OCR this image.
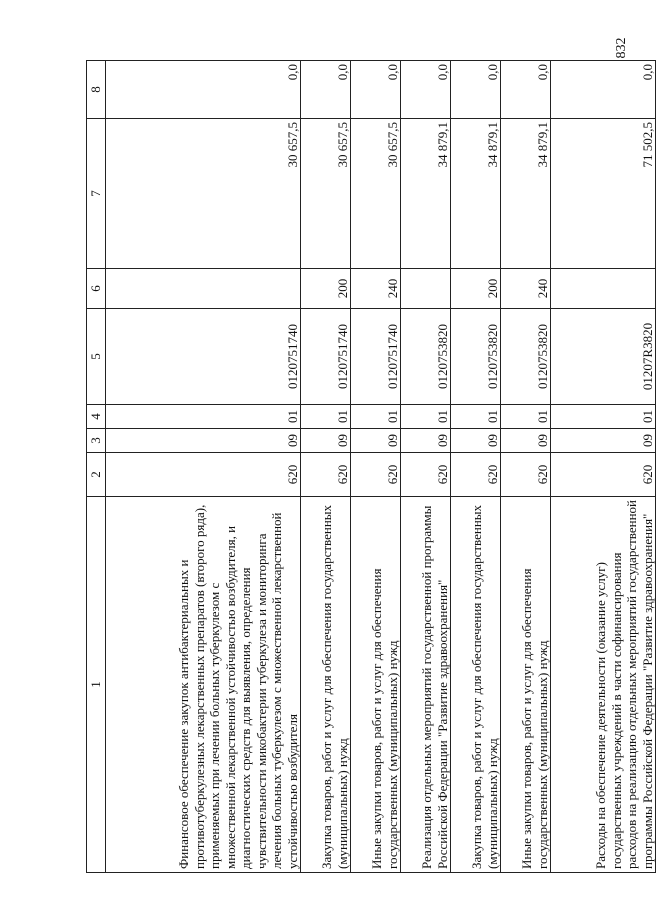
832
1	2	3	4	5	6	7	8
Финансовое обеспечение закупок антибактериальных и противотуберкулезных лекарственных препаратов (второго ряда), применяемых при лечении больных туберкулезом с множественной лекарственной устойчивостью возбудителя, и диагностических средств для выявления, определения чувствительности микобактерии туберкулеза и мониторинга лечения больных туберкулезом с множественной лекарственной устойчивостью возбудителя	620	09	01	0120751740		30 657,5	0,0
Закупка товаров, работ и услуг для обеспечения государственных (муниципальных) нужд	620	09	01	0120751740	200	30 657,5	0,0
Иные закупки товаров, работ и услуг для обеспечения государственных (муниципальных) нужд	620	09	01	0120751740	240	30 657,5	0,0
Реализация отдельных мероприятий государственной программы Российской Федерации "Развитие здравоохранения"	620	09	01	0120753820		34 879,1	0,0
Закупка товаров, работ и услуг для обеспечения государственных (муниципальных) нужд	620	09	01	0120753820	200	34 879,1	0,0
Иные закупки товаров, работ и услуг для обеспечения государственных (муниципальных) нужд	620	09	01	0120753820	240	34 879,1	0,0
Расходы на обеспечение деятельности (оказание услуг) государственных учреждений в части софинансирования расходов на реализацию отдельных мероприятий государственной программы Российской Федерации "Развитие здравоохранения"	620	09	01	01207R3820		71 502,5	0,0
